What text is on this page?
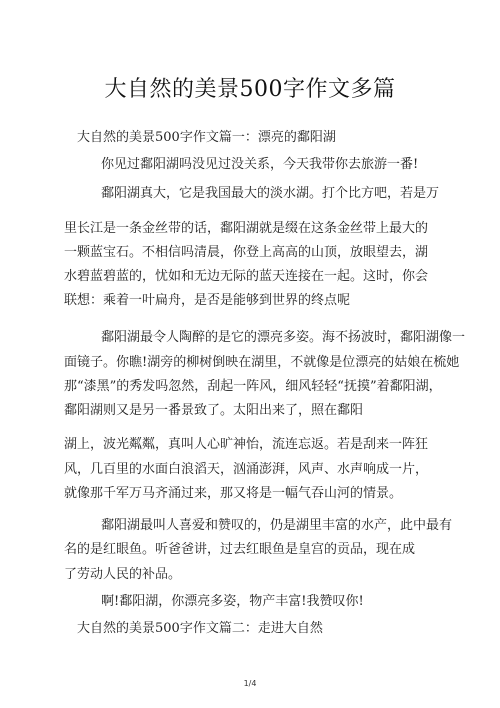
大自然的美景500字作文多篇
大自然的美景500字作文篇一：漂亮的鄱阳湖
你见过鄱阳湖吗没见过没关系，今天我带你去旅游一番!
鄱阳湖真大，它是我国最大的淡水湖。打个比方吧，若是万
里长江是一条金丝带的话，鄱阳湖就是缀在这条金丝带上最大的
一颗蓝宝石。不相信吗清晨，你登上高高的山顶，放眼望去，湖
水碧蓝碧蓝的，忧如和无边无际的蓝天连接在一起。这时，你会
联想：乘着一叶扁舟，是否是能够到世界的终点呢
鄱阳湖最令人陶醉的是它的漂亮多姿。海不扬波时，鄱阳湖像一
面镜子。你瞧!湖旁的柳树倒映在湖里，不就像是位漂亮的姑娘在梳她
那“漆黑”的秀发吗忽然，刮起一阵风，细风轻轻“抚摸”着鄱阳湖，
鄱阳湖则又是另一番景致了。太阳出来了，照在鄱阳
湖上，波光粼粼，真叫人心旷神怡，流连忘返。若是刮来一阵狂
风，几百里的水面白浪滔天，汹涌澎湃，风声、水声响成一片，
就像那千军万马齐涌过来，那又将是一幅气吞山河的情景。
鄱阳湖最叫人喜爱和赞叹的，仍是湖里丰富的水产，此中最有
名的是红眼鱼。听爸爸讲，过去红眼鱼是皇宫的贡品，现在成
了劳动人民的补品。
啊!鄱阳湖，你漂亮多姿，物产丰富!我赞叹你!
大自然的美景500字作文篇二：走进大自然
1/4
